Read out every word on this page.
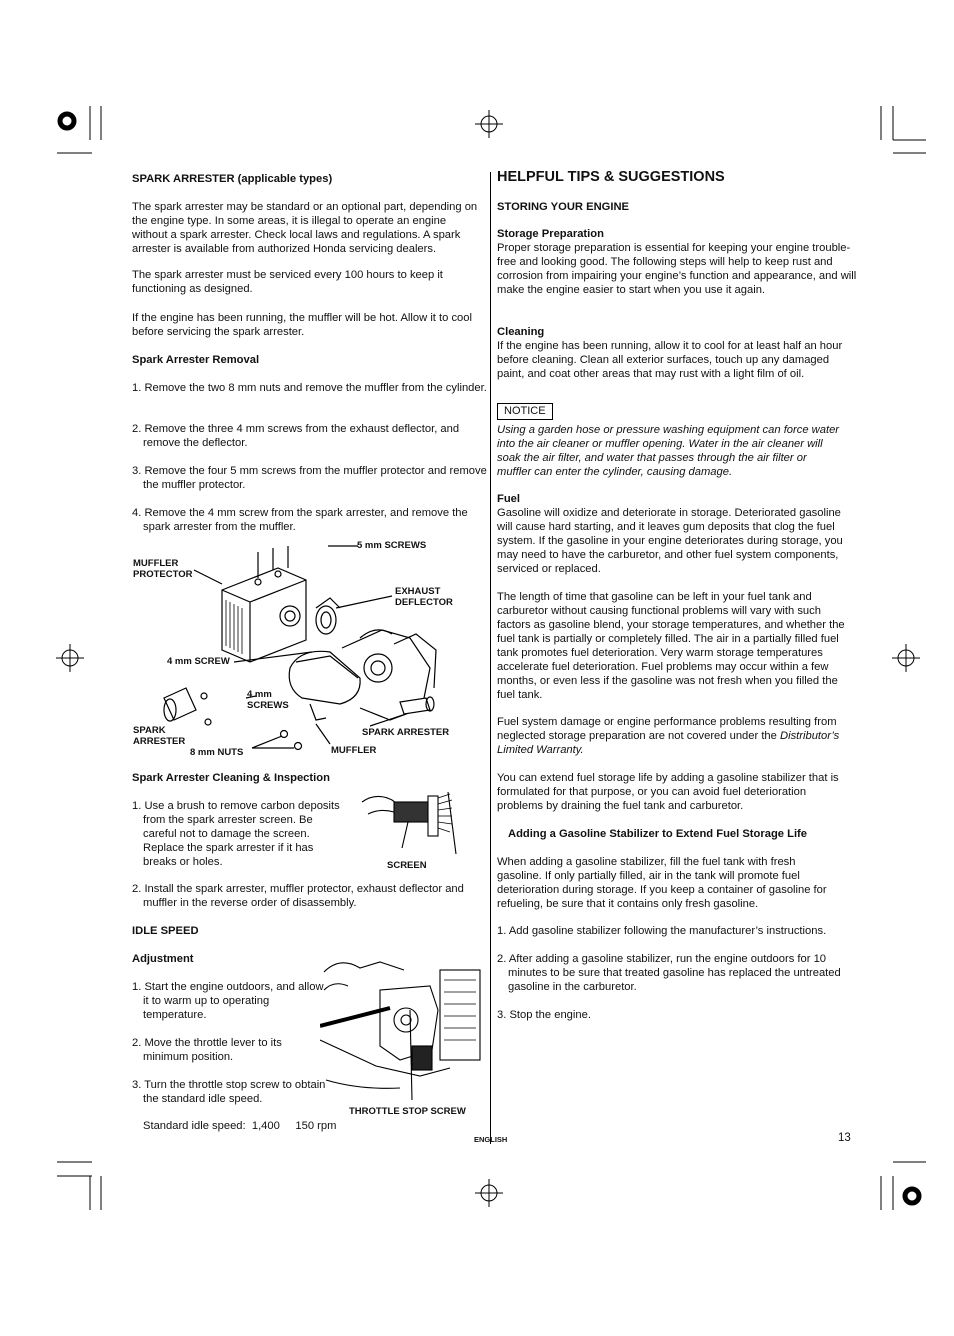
SPARK ARRESTER (applicable types)
The spark arrester may be standard or an optional part, depending on the engine type. In some areas, it is illegal to operate an engine without a spark arrester. Check local laws and regulations. A spark arrester is available from authorized Honda servicing dealers.
The spark arrester must be serviced every 100 hours to keep it functioning as designed.
If the engine has been running, the muffler will be hot. Allow it to cool before servicing the spark arrester.
Spark Arrester Removal
1. Remove the two 8 mm nuts and remove the muffler from the cylinder.
2. Remove the three 4 mm screws from the exhaust deflector, and remove the deflector.
3. Remove the four 5 mm screws from the muffler protector and remove the muffler protector.
4. Remove the 4 mm screw from the spark arrester, and remove the spark arrester from the muffler.
5 mm SCREWS
MUFFLER
PROTECTOR
EXHAUST
DEFLECTOR
4 mm SCREW
4 mm
SCREWS
SPARK
ARRESTER
SPARK ARRESTER
8 mm NUTS	MUFFLER
Spark Arrester Cleaning & Inspection
1. Use a brush to remove carbon deposits from the spark arrester screen. Be careful not to damage the screen. Replace the spark arrester if it has breaks or holes.	SCREEN
2. Install the spark arrester, muffler protector, exhaust deflector and muffler in the reverse order of disassembly.
IDLE SPEED
Adjustment
1. Start the engine outdoors, and allow it to warm up to operating temperature.
2. Move the throttle lever to its minimum position.
3. Turn the throttle stop screw to obtain the standard idle speed.
Standard idle speed:  1,400     150 rpm
THROTTLE STOP SCREW
HELPFUL TIPS & SUGGESTIONS
STORING YOUR ENGINE
Storage Preparation
Proper storage preparation is essential for keeping your engine trouble-free and looking good. The following steps will help to keep rust and corrosion from impairing your engine’s function and appearance, and will make the engine easier to start when you use it again.
Cleaning
If the engine has been running, allow it to cool for at least half an hour before cleaning. Clean all exterior surfaces, touch up any damaged paint, and coat other areas that may rust with a light film of oil.
NOTICE
Using a garden hose or pressure washing equipment can force water into the air cleaner or muffler opening. Water in the air cleaner will soak the air filter, and water that passes through the air filter or muffler can enter the cylinder, causing damage.
Fuel
Gasoline will oxidize and deteriorate in storage. Deteriorated gasoline will cause hard starting, and it leaves gum deposits that clog the fuel system. If the gasoline in your engine deteriorates during storage, you may need to have the carburetor, and other fuel system components, serviced or replaced.
The length of time that gasoline can be left in your fuel tank and carburetor without causing functional problems will vary with such factors as gasoline blend, your storage temperatures, and whether the fuel tank is partially or completely filled. The air in a partially filled fuel tank promotes fuel deterioration. Very warm storage temperatures accelerate fuel deterioration. Fuel problems may occur within a few months, or even less if the gasoline was not fresh when you filled the fuel tank.
Fuel system damage or engine performance problems resulting from neglected storage preparation are not covered under the Distributor’s Limited Warranty.
You can extend fuel storage life by adding a gasoline stabilizer that is formulated for that purpose, or you can avoid fuel deterioration problems by draining the fuel tank and carburetor.
Adding a Gasoline Stabilizer to Extend Fuel Storage Life
When adding a gasoline stabilizer, fill the fuel tank with fresh gasoline. If only partially filled, air in the tank will promote fuel deterioration during storage. If you keep a container of gasoline for refueling, be sure that it contains only fresh gasoline.
1. Add gasoline stabilizer following the manufacturer’s instructions.
2. After adding a gasoline stabilizer, run the engine outdoors for 10 minutes to be sure that treated gasoline has replaced the untreated gasoline in the carburetor.
3. Stop the engine.
ENGLISH	13
